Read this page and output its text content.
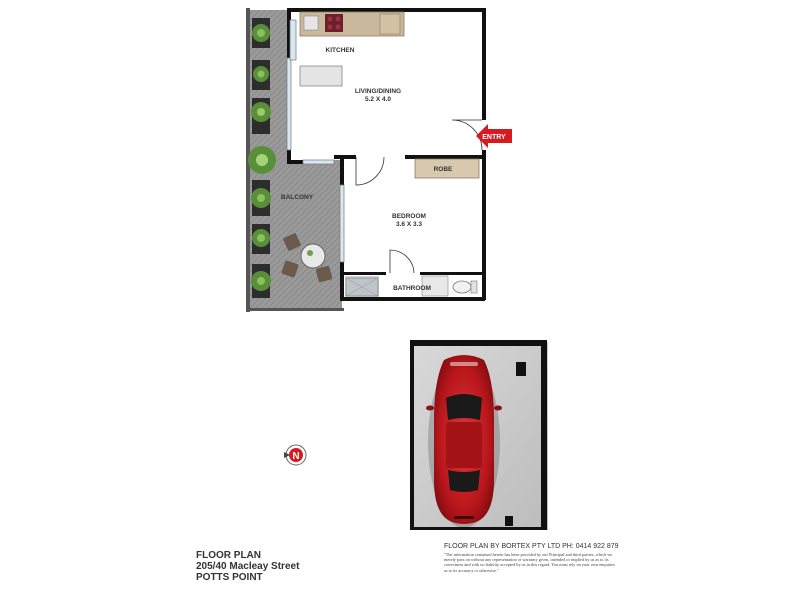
ENTRY
KITCHEN
LIVING/DINING
5.2 X 4.0
ROBE
BALCONY
BEDROOM
3.6 X 3.3
BATHROOM
N
FLOOR PLAN
205/40 Macleay Street
POTTS POINT
FLOOR PLAN BY BORTEX PTY LTD PH: 0414 922 879
"The information contained herein has been provided by our Principal and third parties, which we merely pass on without any representation or warranty given, intended or implied by us as to its correctness and with no liability accepted by us in this regard. You must rely on your own enquiries as to its accuracy or otherwise."
